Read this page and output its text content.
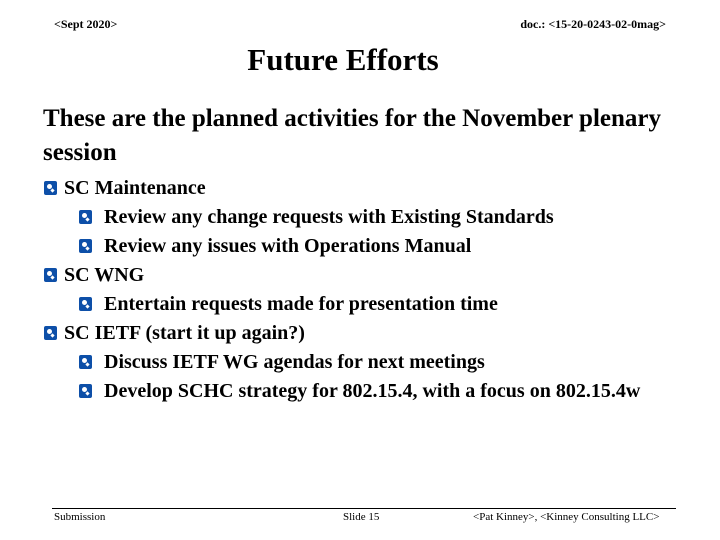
<Sept 2020>	doc.: <15-20-0243-02-0mag>
Future Efforts
These are the planned activities for the November plenary session
SC Maintenance
Review any change requests with Existing Standards
Review any issues with Operations Manual
SC WNG
Entertain requests made for presentation time
SC IETF (start it up again?)
Discuss IETF WG agendas for next meetings
Develop SCHC strategy for 802.15.4, with a focus on 802.15.4w
Submission	Slide 15	<Pat Kinney>, <Kinney Consulting LLC>
